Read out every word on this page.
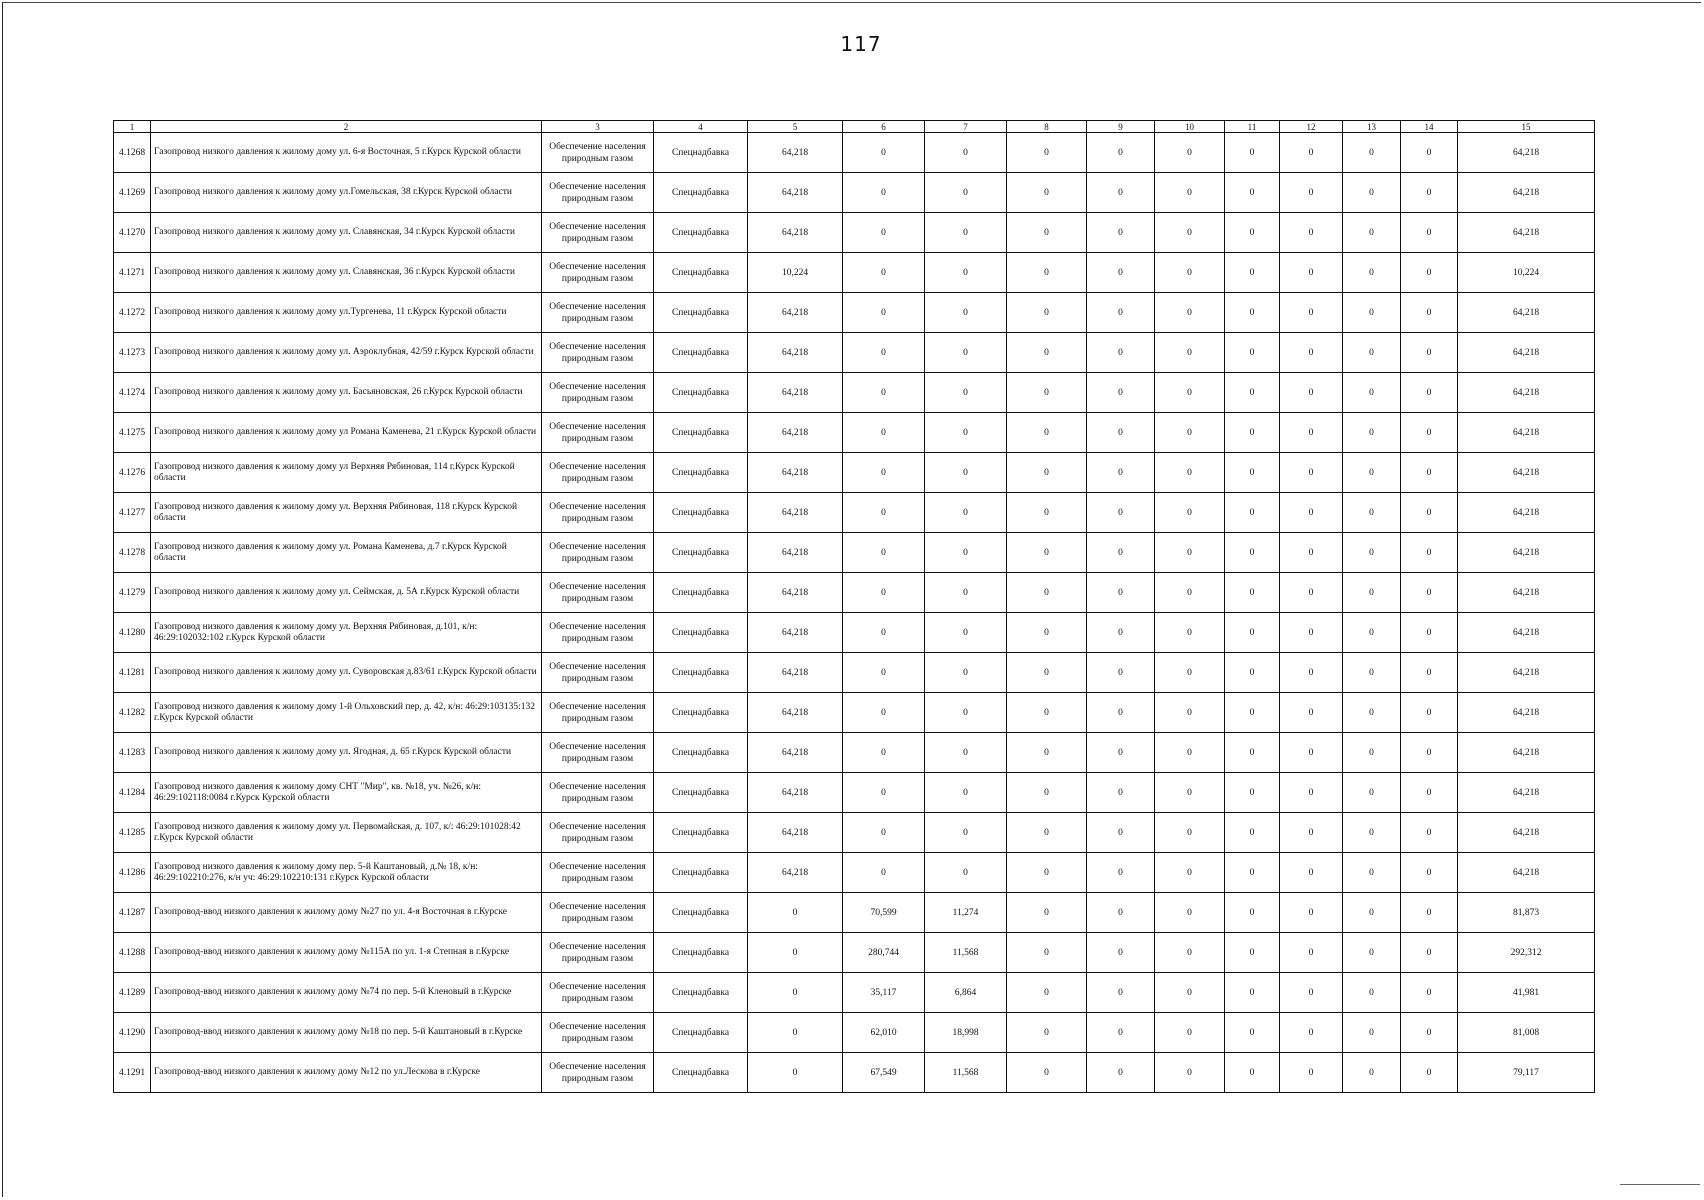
117
1	2	3	4	5	6	7	8	9	10	11	12	13	14	15
4.1268	Газопровод низкого давления к жилому дому ул. 6-я Восточная, 5 г.Курск Курской области	Обеспечение населения природным газом	Спецнадбавка	64,218	0	0	0	0	0	0	0	0	0	64,218
4.1269	Газопровод низкого давления к жилому дому ул.Гомельская, 38 г.Курск Курской области	Обеспечение населения природным газом	Спецнадбавка	64,218	0	0	0	0	0	0	0	0	0	64,218
4.1270	Газопровод низкого давления к жилому дому ул. Славянская, 34 г.Курск Курской области	Обеспечение населения природным газом	Спецнадбавка	64,218	0	0	0	0	0	0	0	0	0	64,218
4.1271	Газопровод низкого давления к жилому дому ул. Славянская, 36 г.Курск Курской области	Обеспечение населения природным газом	Спецнадбавка	10,224	0	0	0	0	0	0	0	0	0	10,224
4.1272	Газопровод низкого давления к жилому дому ул.Тургенева, 11 г.Курск Курской области	Обеспечение населения природным газом	Спецнадбавка	64,218	0	0	0	0	0	0	0	0	0	64,218
4.1273	Газопровод низкого давления к жилому дому ул. Аэроклубная, 42/59 г.Курск Курской области	Обеспечение населения природным газом	Спецнадбавка	64,218	0	0	0	0	0	0	0	0	0	64,218
4.1274	Газопровод низкого давления к жилому дому ул. Басьяновская, 26 г.Курск Курской области	Обеспечение населения природным газом	Спецнадбавка	64,218	0	0	0	0	0	0	0	0	0	64,218
4.1275	Газопровод низкого давления к жилому дому ул Романа Каменева, 21 г.Курск Курской области	Обеспечение населения природным газом	Спецнадбавка	64,218	0	0	0	0	0	0	0	0	0	64,218
4.1276	Газопровод низкого давления к жилому дому ул Верхняя Рябиновая, 114 г.Курск Курской области	Обеспечение населения природным газом	Спецнадбавка	64,218	0	0	0	0	0	0	0	0	0	64,218
4.1277	Газопровод низкого давления к жилому дому ул. Верхняя Рябиновая, 118 г.Курск Курской области	Обеспечение населения природным газом	Спецнадбавка	64,218	0	0	0	0	0	0	0	0	0	64,218
4.1278	Газопровод низкого давления к жилому дому ул. Романа Каменева, д.7 г.Курск Курской области	Обеспечение населения природным газом	Спецнадбавка	64,218	0	0	0	0	0	0	0	0	0	64,218
4.1279	Газопровод низкого давления к жилому дому ул. Сеймская, д. 5А г.Курск Курской области	Обеспечение населения природным газом	Спецнадбавка	64,218	0	0	0	0	0	0	0	0	0	64,218
4.1280	Газопровод низкого давления к жилому дому ул. Верхняя Рябиновая, д.101, к/н: 46:29:102032:102 г.Курск Курской области	Обеспечение населения природным газом	Спецнадбавка	64,218	0	0	0	0	0	0	0	0	0	64,218
4.1281	Газопровод низкого давления к жилому дому ул. Суворовская д.83/61 г.Курск Курской области	Обеспечение населения природным газом	Спецнадбавка	64,218	0	0	0	0	0	0	0	0	0	64,218
4.1282	Газопровод низкого давления к жилому дому 1-й Ольховский пер, д. 42, к/н: 46:29:103135:132 г.Курск Курской области	Обеспечение населения природным газом	Спецнадбавка	64,218	0	0	0	0	0	0	0	0	0	64,218
4.1283	Газопровод низкого давления к жилому дому ул. Ягодная, д. 65 г.Курск Курской области	Обеспечение населения природным газом	Спецнадбавка	64,218	0	0	0	0	0	0	0	0	0	64,218
4.1284	Газопровод низкого давления к жилому дому СНТ "Мир", кв. №18, уч. №26, к/н: 46:29:102118:0084 г.Курск Курской области	Обеспечение населения природным газом	Спецнадбавка	64,218	0	0	0	0	0	0	0	0	0	64,218
4.1285	Газопровод низкого давления к жилому дому ул. Первомайская, д. 107, к/: 46:29:101028:42 г.Курск Курской области	Обеспечение населения природным газом	Спецнадбавка	64,218	0	0	0	0	0	0	0	0	0	64,218
4.1286	Газопровод низкого давления к жилому дому пер. 5-й Каштановый, д.№ 18, к/н: 46:29:102210:276, к/н уч: 46:29:102210:131 г.Курск Курской области	Обеспечение населения природным газом	Спецнадбавка	64,218	0	0	0	0	0	0	0	0	0	64,218
4.1287	Газопровод-ввод низкого давления к жилому дому №27 по ул. 4-я Восточная в г.Курске	Обеспечение населения природным газом	Спецнадбавка	0	70,599	11,274	0	0	0	0	0	0	0	81,873
4.1288	Газопровод-ввод низкого давления к жилому дому №115А по ул. 1-я Степная в г.Курске	Обеспечение населения природным газом	Спецнадбавка	0	280,744	11,568	0	0	0	0	0	0	0	292,312
4.1289	Газопровод-ввод низкого давления к жилому дому №74 по пер. 5-й Кленовый в г.Курске	Обеспечение населения природным газом	Спецнадбавка	0	35,117	6,864	0	0	0	0	0	0	0	41,981
4.1290	Газопровод-ввод низкого давления к жилому дому №18 по пер. 5-й Каштановый в г.Курске	Обеспечение населения природным газом	Спецнадбавка	0	62,010	18,998	0	0	0	0	0	0	0	81,008
4.1291	Газопровод-ввод низкого давления к жилому дому №12 по ул.Лескова в г.Курске	Обеспечение населения природным газом	Спецнадбавка	0	67,549	11,568	0	0	0	0	0	0	0	79,117
